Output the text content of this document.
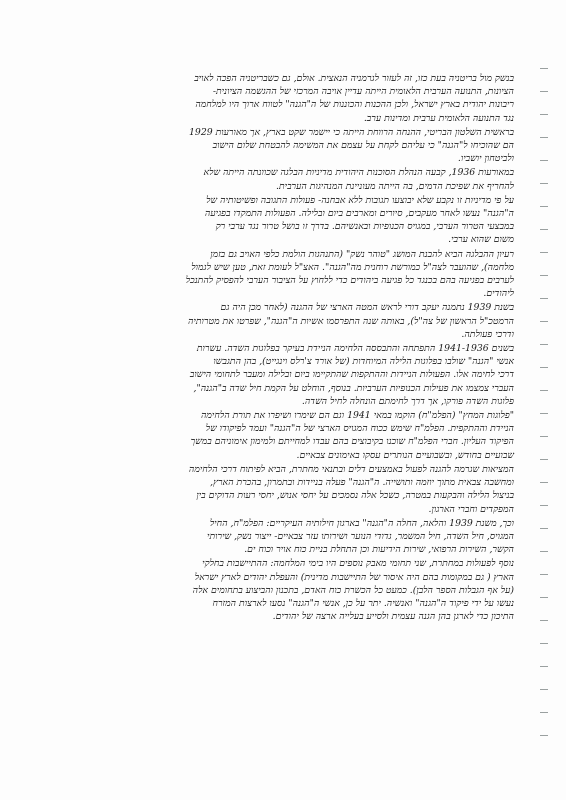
בנשק מול בריטניה בעת כזו, זה לעזור לגרמניה הנאצית. אולם, גם כשבריטניה הפכה לאויב
הציונות, התנועה הערבית הלאומית הייתה עדיין אויבה המרכזי של ההגשמה הציונית-
ריבונות יהודית בארץ ישראל, ולכן ההכנות והכוננות של ה"הגנה" לטווח ארוך היו למלחמה
נגד התנועה הלאומית ערבית ומדינות ערב.
בראשית השלטון הבריטי, ההנחה הרווחת הייתה כי יישמר שקט בארץ, אך מאורעות 1929
הם שהוכיחו ל"הגנה" כי עליהם לקחת על עצמם את המשימה להבטחת שלום הישוב
ולביטחון יושביו.
במאורעות 1936, קבעה הנהלת הסוכנות היהודית מדיניות הבלגה שכוונתה הייתה שלא
להחריף את שפיכת הדמים, בה הייתה מעוניינת המנהיגות הערבית.
על פי מדיניות זו נקבע שלא יבוצעו תגובות ללא אבחנה- פעולות התגובה ופשיטותיה של
ה"הגנה" נעשו לאחר מעקבים, סיורים ומארבים ביום ובלילה. הפעולות התמקדו בפגיעה
במבצעי הטרור הערבי, במגויס הכנופיות ובאנשיהם. בדרך זו בושל טרור נגד ערבי רק
משום שהוא ערבי.
רעיון ההבלגה הביא להבנת המושג "טוהר נשק" (התנהגות הולמת כלפי האויב גם בזמן
מלחמה), שהועבר לצה"ל כמורשת רוחנית מה"הגנה". האצ"ל לעומת זאת, טען שיש לגמול
לערבים בפגיעה בהם בכנגד כל פגיעה ביהודים כדי ללחוץ על הציבור הערבי להפסיק להתנכל
ליהודים.
בשנת 1939 נתמנה יעקב דורי לראש המטה הארצי של ההגנה (לאחר מכן היה גם
הרמטכ"ל הראשון של צה"ל), באותה שנה התפרסמו אשיות ה"הגנה", שפרטו את מטרותיה
ודרכי פעולתה.
בשנים 1941-1936 התפתחה והתבססה הלחימה הניידת בעיקר בפלוגות השדה. עשרות
אנשי "הגנה" שולבו בפלוגות הלילה המיוחדות (של אורד צ'רלס וינגייט), בהן התגבשו
דרכי לחימה אלו. הפעולות הניידות וההתקפות שהתקיימו ביום ובלילה ומעבר לתחומי הישוב
העברי צמצמו את פעילות הכנופיות הערביות. בנוסף, הוחלט על הקמת חיל שדה ב"הגנה",
פלוגות השדה פורקו, אך דרך לחימתם הונחלה לחיל השדה.
"פלוגות המחץ" (הפלמ"ח) הוקמו במאי 1941 וגם הם שימרו ושיפרו את תורת הלחימה
הניידת וההתקפית. הפלמ"ח שימש ככוח המגויס הארצי של ה"הגנה" ועמד לפיקודו של
הפיקוד העליון. חברי הפלמ"ח שוכנו בקיבוצים בהם עבדו למחייתם ולמימון אימוניהם במשך
שבועיים בחודש, ובשבועיים הנותרים עסקו באימונים צבאיים.
המציאות שגרמה להגנה לפעול באמצעים דלים ובתנאי מחתרת, הביא לפיתוח דרכי הלחימה
ומחשבה צבאית מתוך יוזמה ותושייה. ה"הגנה" פעלה בניידות ובתמרון, בהכרת הארץ,
בניצול הלילה והבקעות במטרה, כשכל אלה נסמכים על יחסי אנוש, יחסי רעות הדוקים בין
המפקדים וחברי הארגון.
וכך, משנת 1939 והלאה, החלה ה"הגנה" בארגון חילותיה העיקריים: הפלמ"ח, החיל
המגויס, חיל השדה, חיל המשמר, גדודי הנוער ושירותו עזר צבאיים- ייצור נשק, שירותי
הקשר, השירות הרפואי, שירות הידיעות וכן התחלת בניית כוח אויר וכוח ים.
נוסף לפעולות במחתרת, שני תחומי מאבק נוספים היו בימי המלחמה: ההתיישבות בחלקי
הארץ ( גם במקומות בהם היה איסור של התיישבות מדינית) והעפלת יהודים לארץ ישראל
(על אף הגבלות הספר הלבן). כמעט כל הכשרת כוח האדם, בתכנון והביצוע בתחומים אלה
נעשו על ידי פיקוד ה"הגנה" ואנשיה. יתר על כן, אנשי ה"הגנה" נסעו לארצות המזרח
התיכון כדי לארגן בהן הגנה עצמית ולסייע בעלייה ארצה של יהודים.
